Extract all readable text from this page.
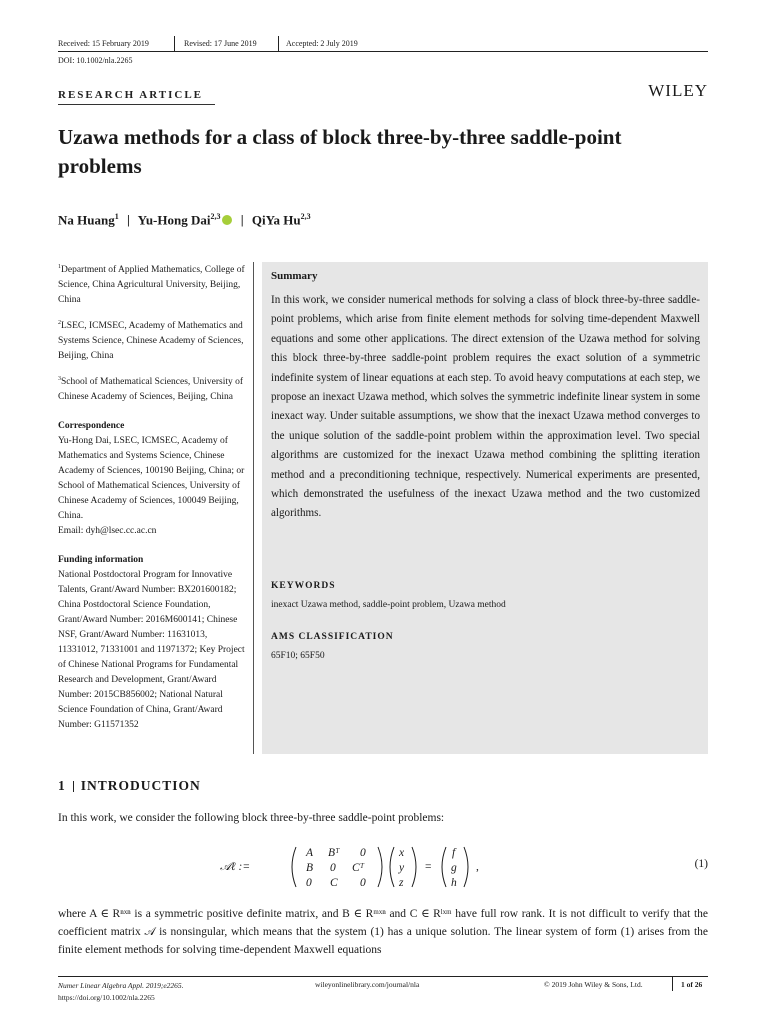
Received: 15 February 2019	Revised: 17 June 2019	Accepted: 2 July 2019
DOI: 10.1002/nla.2265
RESEARCH ARTICLE	WILEY
Uzawa methods for a class of block three-by-three saddle-point problems
Na Huang$^1$ | Yu-Hong Dai$^{2,3}$ | QiYa Hu$^{2,3}$

$^1$Department of Applied Mathematics, College of Science, China Agricultural University, Beijing, China

$^2$LSEC, ICMSEC, Academy of Mathematics and Systems Science, Chinese Academy of Sciences, Beijing, China

$^3$School of Mathematical Sciences, University of Chinese Academy of Sciences, Beijing, China

Correspondence
Yu-Hong Dai, LSEC, ICMSEC, Academy of Mathematics and Systems Science, Chinese Academy of Sciences, 100190 Beijing, China; or School of Mathematical Sciences, University of Chinese Academy of Sciences, 100049 Beijing, China.
Email: dyh@lsec.cc.ac.cn

Funding information
National Postdoctoral Program for Innovative Talents, Grant/Award Number: BX201600182; China Postdoctoral Science Foundation, Grant/Award Number: 2016M600141; Chinese NSF, Grant/Award Number: 11631013, 11331012, 71331001 and 11971372; Key Project of Chinese National Programs for Fundamental Research and Development, Grant/Award Number: 2015CB856002; National Natural Science Foundation of China, Grant/Award Number: G11571352

Summary
In this work, we consider numerical methods for solving a class of block three-by-three saddle-point problems, which arise from finite element methods for solving time-dependent Maxwell equations and some other applications. The direct extension of the Uzawa method for solving this block three-by-three saddle-point problem requires the exact solution of a symmetric indefinite system of linear equations at each step. To avoid heavy computations at each step, we propose an inexact Uzawa method, which solves the symmetric indefinite linear system in some inexact way. Under suitable assumptions, we show that the inexact Uzawa method converges to the unique solution of the saddle-point problem within the approximation level. Two special algorithms are customized for the inexact Uzawa method combining the splitting iteration method and a preconditioning technique, respectively. Numerical experiments are presented, which demonstrated the usefulness of the inexact Uzawa method and the two customized algorithms.
KEYWORDS
inexact Uzawa method, saddle-point problem, Uzawa method
AMS CLASSIFICATION
65F10; 65F50
1 INTRODUCTION
In this work, we consider the following block three-by-three saddle-point problems:
𝒜ℓ :=
A Bᵀ 0
B 0 Cᵀ
0 C 0
x
y
z
=
f
g
h
,	(1)
where A ∈ Rⁿˣⁿ is a symmetric positive definite matrix, and B ∈ Rᵐˣⁿ and C ∈ Rˡˣᵐ have full row rank. It is not difficult to verify that the coefficient matrix 𝒜 is nonsingular, which means that the system (1) has a unique solution. The linear system of form (1) arises from the finite element methods for solving time-dependent Maxwell equations
Numer Linear Algebra Appl. 2019;e2265.
https://doi.org/10.1002/nla.2265
wileyonlinelibrary.com/journal/nla	© 2019 John Wiley & Sons, Ltd.	1 of 26
